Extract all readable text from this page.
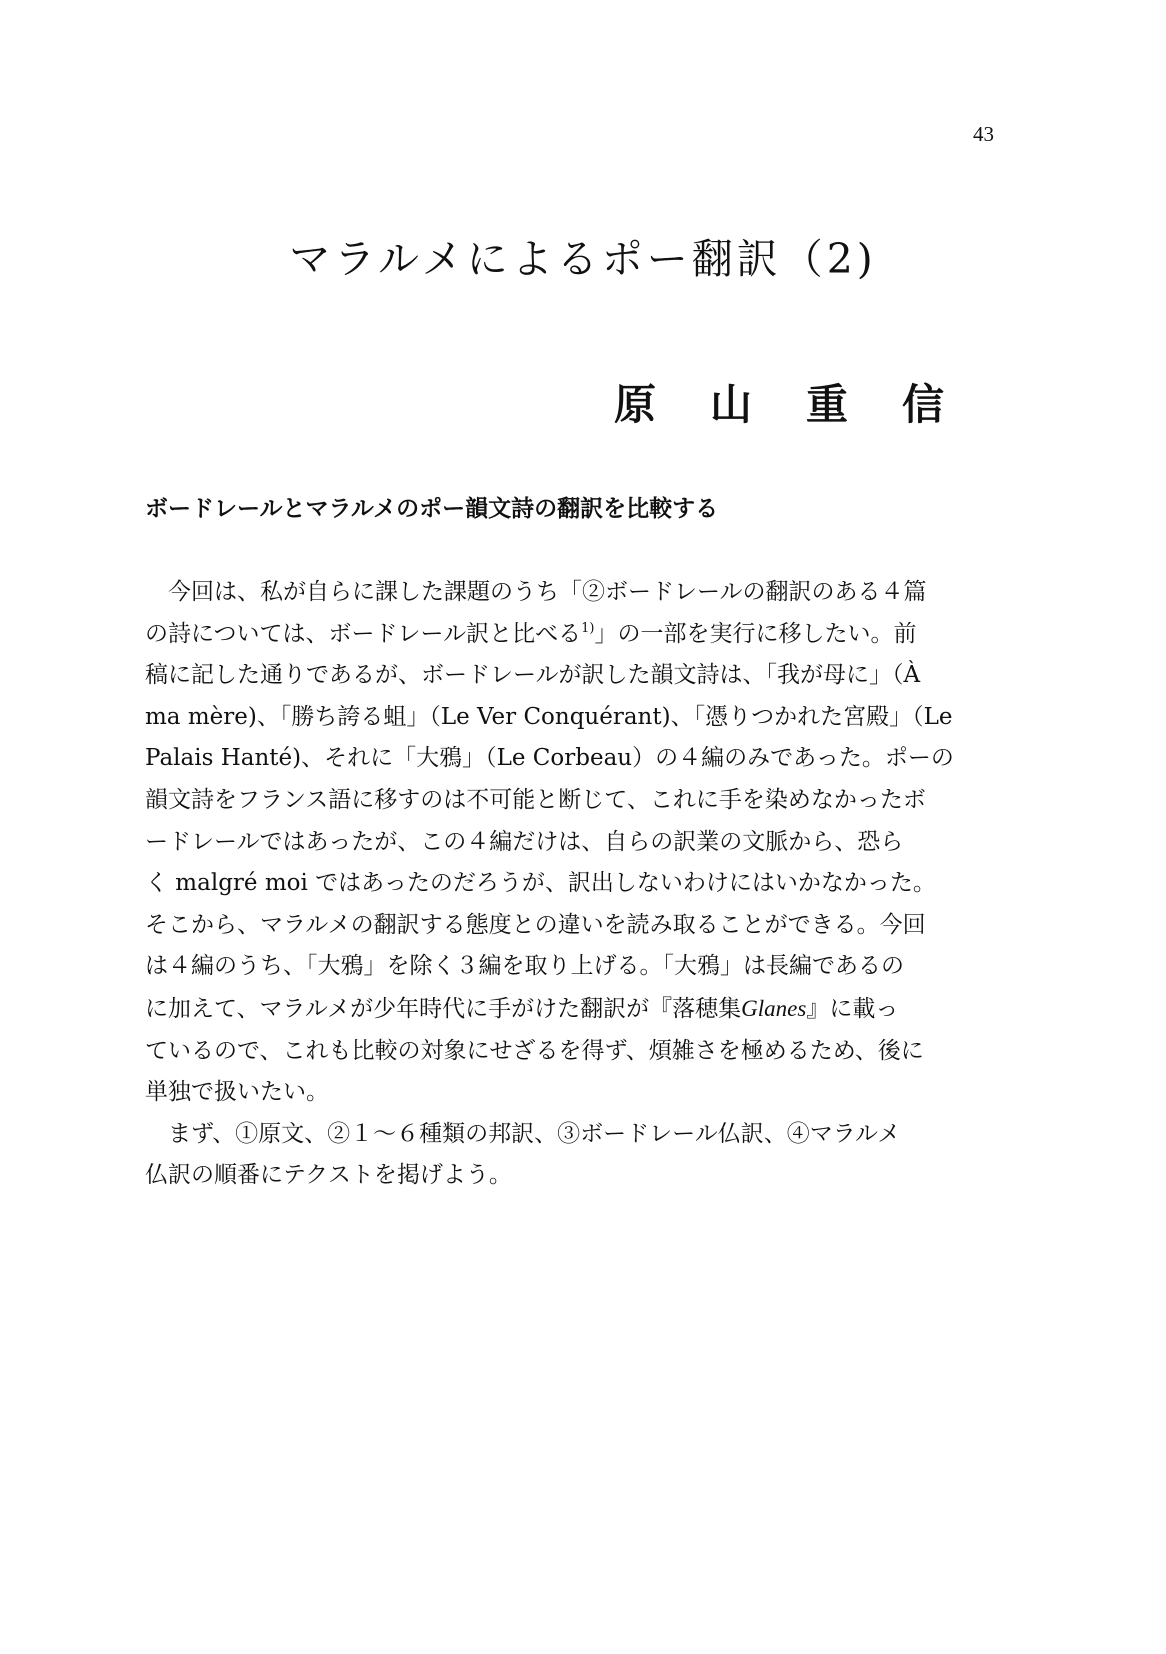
43
マラルメによるポー翻訳（2)
原山重信
ボードレールとマラルメのポー韻文詩の翻訳を比較する
今回は、私が自らに課した課題のうち「②ボードレールの翻訳のある４篇
の詩については、ボードレール訳と比べる$^{1)}$」の一部を実行に移したい。前
稿に記した通りであるが、ボードレールが訳した韻文詩は、「我が母に」（À
ma mère)、「勝ち誇る蛆」（Le Ver Conquérant)、「憑りつかれた宮殿」（Le
Palais Hanté)、それに「大鴉」（Le Corbeau）の４編のみであった。ポーの
韻文詩をフランス語に移すのは不可能と断じて、これに手を染めなかったボ
ードレールではあったが、この４編だけは、自らの訳業の文脈から、恐ら
く malgré moi ではあったのだろうが、訳出しないわけにはいかなかった。
そこから、マラルメの翻訳する態度との違いを読み取ることができる。今回
は４編のうち、「大鴉」を除く３編を取り上げる。「大鴉」は長編であるの
に加えて、マラルメが少年時代に手がけた翻訳が『落穂集Glanes』に載っ
ているので、これも比較の対象にせざるを得ず、煩雑さを極めるため、後に
単独で扱いたい。
まず、①原文、②１～６種類の邦訳、③ボードレール仏訳、④マラルメ
仏訳の順番にテクストを掲げよう。
